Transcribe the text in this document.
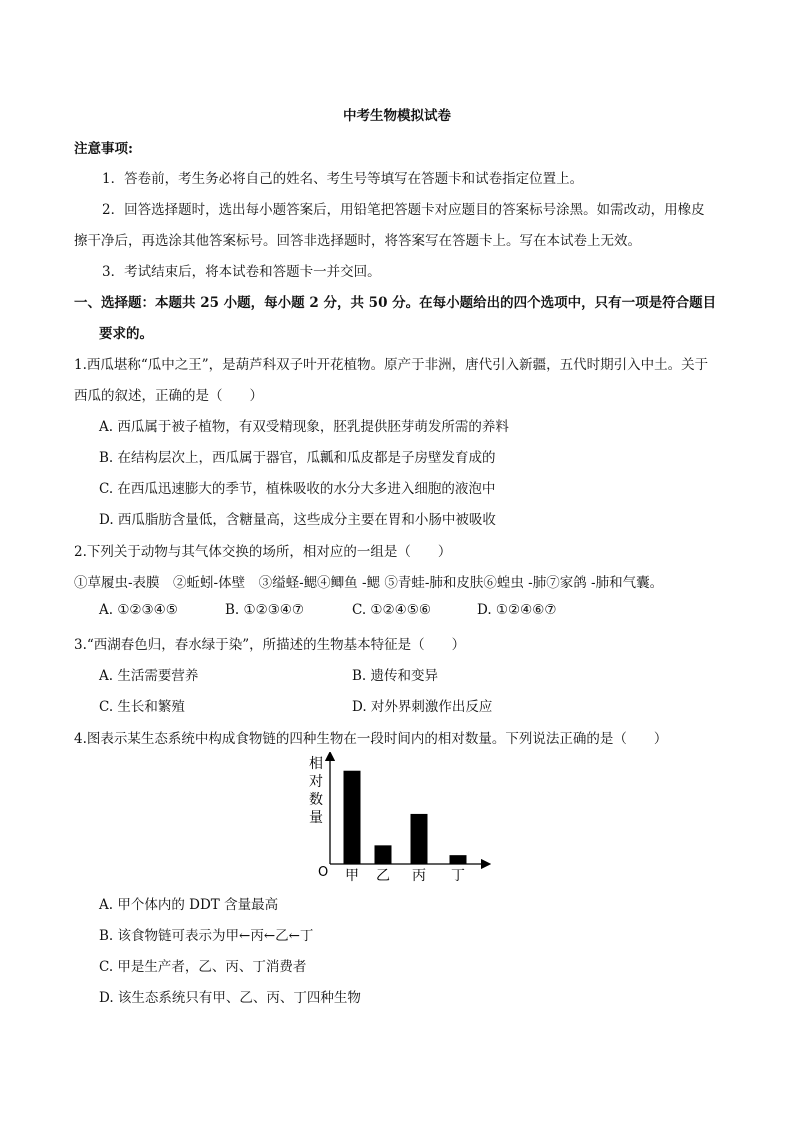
中考生物模拟试卷
注意事项:
1．答卷前，考生务必将自己的姓名、考生号等填写在答题卡和试卷指定位置上。
2．回答选择题时，选出每小题答案后，用铅笔把答题卡对应题目的答案标号涂黑。如需改动，用橡皮
擦干净后，再选涂其他答案标号。回答非选择题时，将答案写在答题卡上。写在本试卷上无效。
3．考试结束后，将本试卷和答题卡一并交回。
一、选择题：本题共 25 小题，每小题 2 分，共 50 分。在每小题给出的四个选项中，只有一项是符合题目
要求的。
1.西瓜堪称“瓜中之王”，是葫芦科双子叶开花植物。原产于非洲，唐代引入新疆，五代时期引入中土。关于
西瓜的叙述，正确的是（　　）
A. 西瓜属于被子植物，有双受精现象，胚乳提供胚芽萌发所需的养料
B. 在结构层次上，西瓜属于器官，瓜瓤和瓜皮都是子房壁发育成的
C. 在西瓜迅速膨大的季节，植株吸收的水分大多进入细胞的液泡中
D. 西瓜脂肪含量低，含糖量高，这些成分主要在胃和小肠中被吸收
2.下列关于动物与其气体交换的场所，相对应的一组是（　　）
①草履虫-表膜　②蚯蚓-体壁　③缢蛏-鳃④鲫鱼 -鳃 ⑤青蛙-肺和皮肤⑥蝗虫 -肺⑦家鸽 -肺和气囊。
A. ①②③④⑤	B. ①②③④⑦	C. ①②④⑤⑥	D. ①②④⑥⑦
3.“西湖春色归，春水绿于染”，所描述的生物基本特征是（　　）
A. 生活需要营养	B. 遗传和变异
C. 生长和繁殖	D. 对外界刺激作出反应
4.图表示某生态系统中构成食物链的四种生物在一段时间内的相对数量。下列说法正确的是（　　）
相
对
数
量
O 甲 乙 丙 丁
A. 甲个体内的 DDT 含量最高
B. 该食物链可表示为甲←丙←乙←丁
C. 甲是生产者，乙、丙、丁消费者
D. 该生态系统只有甲、乙、丙、丁四种生物
